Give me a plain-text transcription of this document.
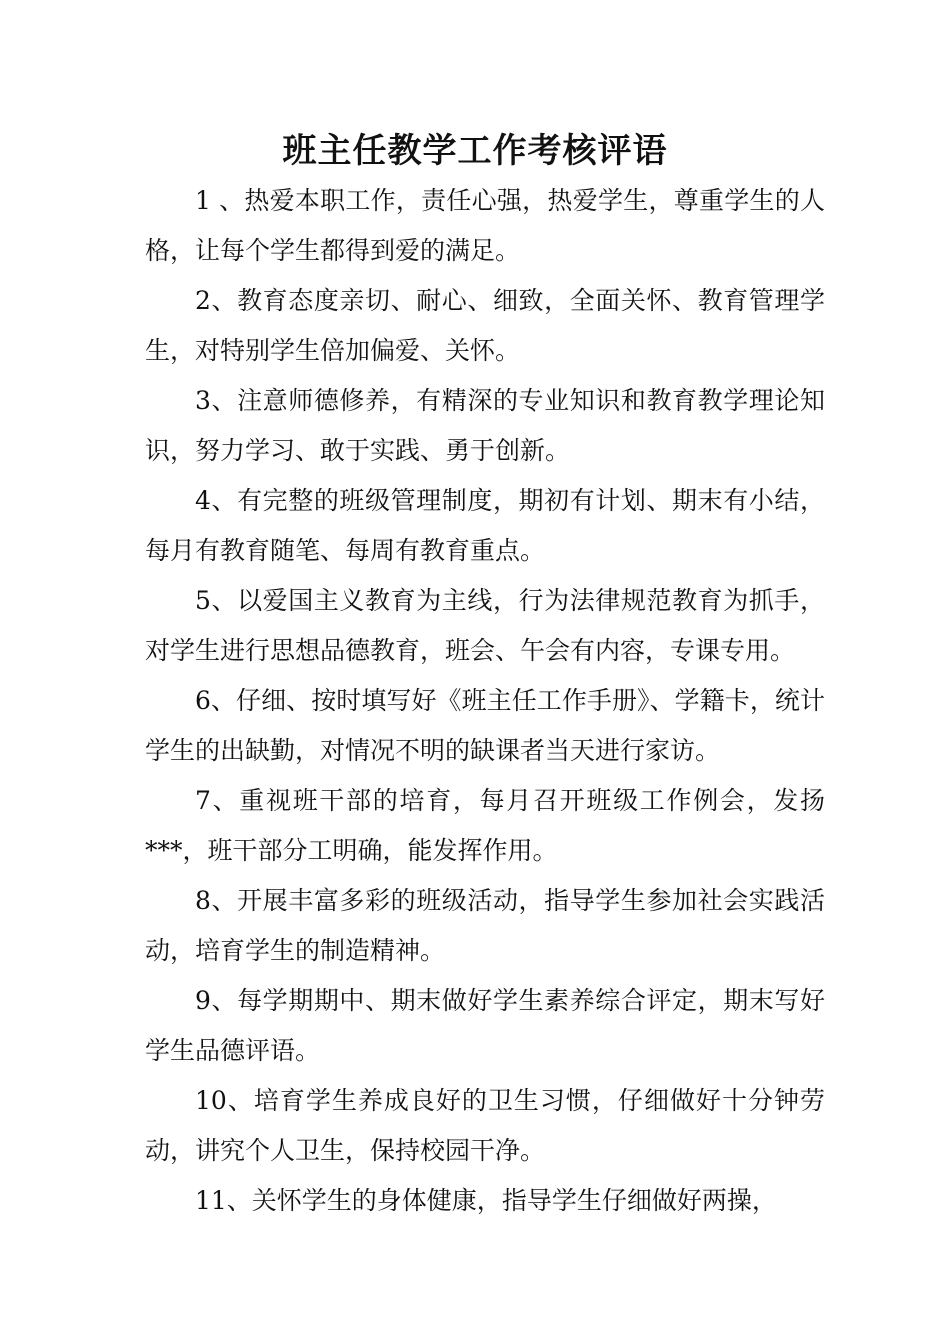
班主任教学工作考核评语

1 、热爱本职工作，责任心强，热爱学生，尊重学生的人格，让每个学生都得到爱的满足。

2、教育态度亲切、耐心、细致，全面关怀、教育管理学生，对特别学生倍加偏爱、关怀。

3、注意师德修养，有精深的专业知识和教育教学理论知识，努力学习、敢于实践、勇于创新。

4、有完整的班级管理制度，期初有计划、期末有小结，每月有教育随笔、每周有教育重点。

5、以爱国主义教育为主线，行为法律规范教育为抓手，对学生进行思想品德教育，班会、午会有内容，专课专用。

6、仔细、按时填写好《班主任工作手册》、学籍卡，统计学生的出缺勤，对情况不明的缺课者当天进行家访。

7、重视班干部的培育，每月召开班级工作例会，发扬***，班干部分工明确，能发挥作用。

8、开展丰富多彩的班级活动，指导学生参加社会实践活动，培育学生的制造精神。

9、每学期期中、期末做好学生素养综合评定，期末写好学生品德评语。

10、培育学生养成良好的卫生习惯，仔细做好十分钟劳动，讲究个人卫生，保持校园干净。

11、关怀学生的身体健康，指导学生仔细做好两操，
